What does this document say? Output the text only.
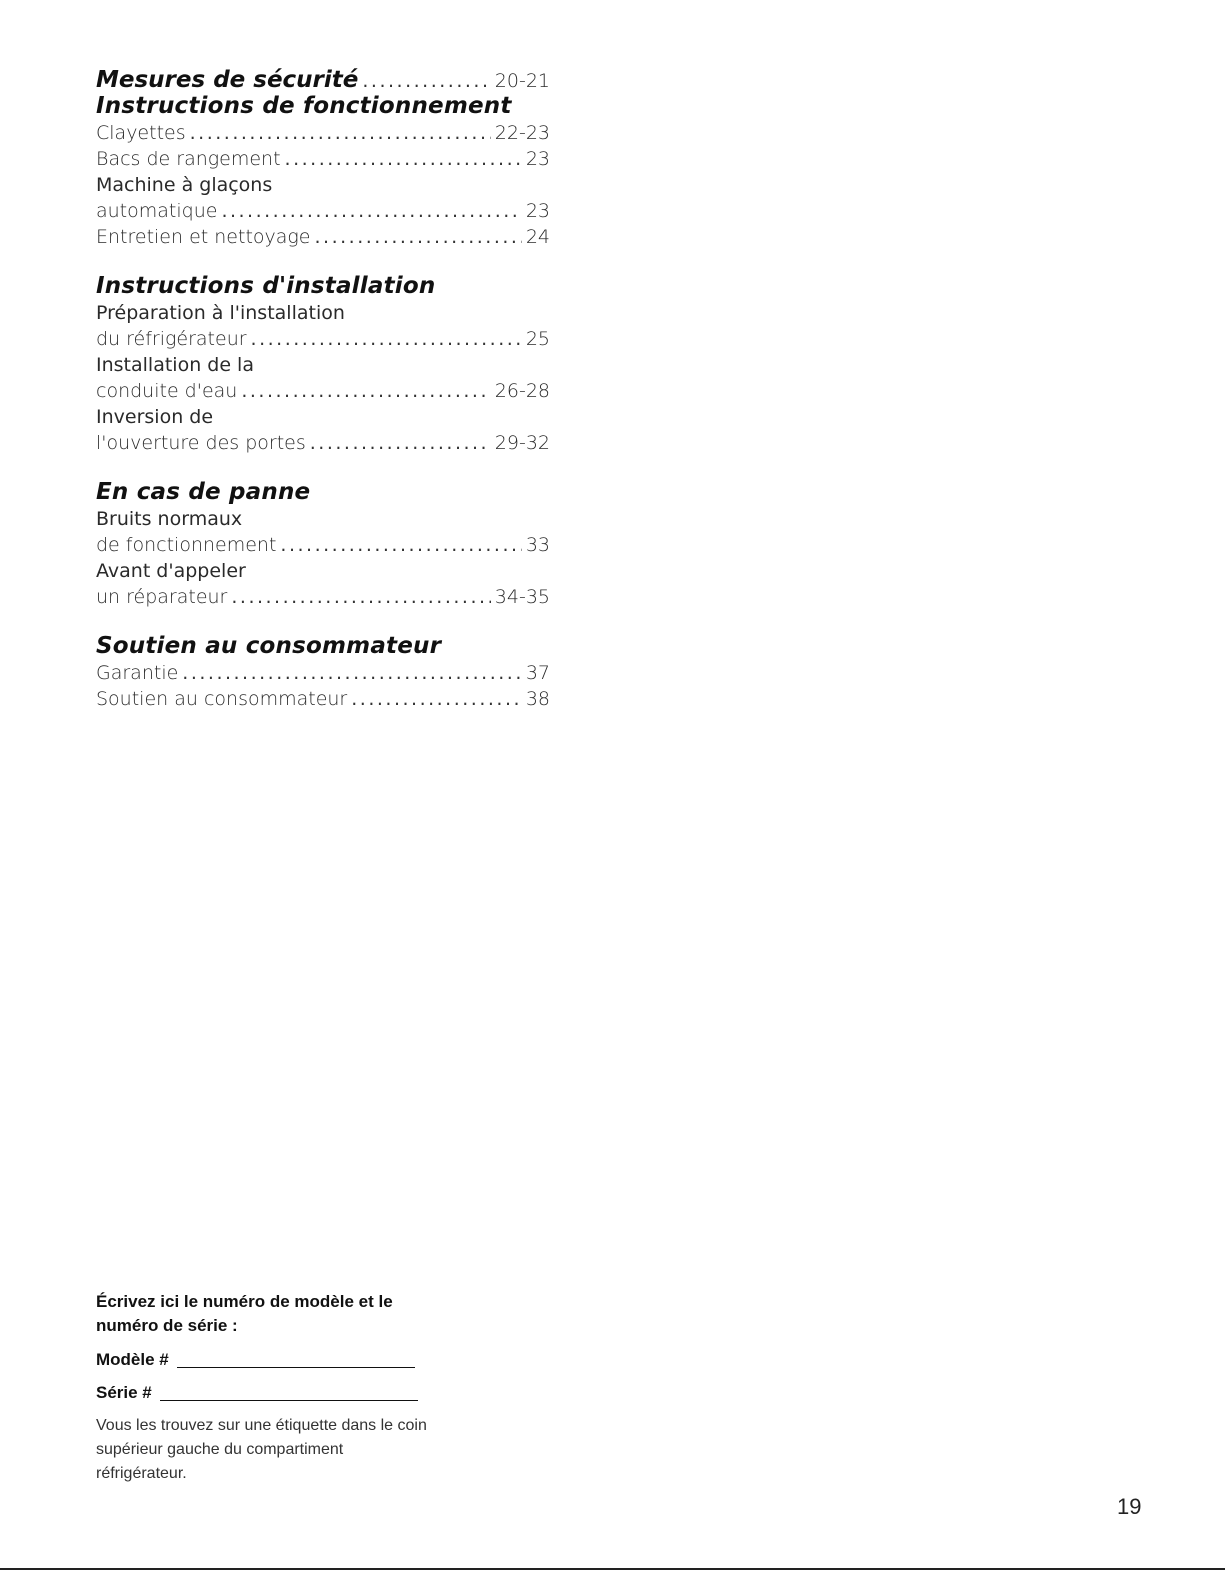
Mesures de sécurité .....	20-21
Instructions de fonctionnement
Clayettes .....	22-23
Bacs de rangement .....	23
Machine à glaçons
automatique .....	23
Entretien et nettoyage .....	24
Instructions d'installation
Préparation à l'installation
du réfrigérateur .....	25
Installation de la
conduite d'eau .....	26-28
Inversion de
l'ouverture des portes .....	29-32
En cas de panne
Bruits normaux
de fonctionnement .....	33
Avant d'appeler
un réparateur .....	34-35
Soutien au consommateur
Garantie .....	37
Soutien au consommateur .....	38
Écrivez ici le numéro de modèle et le numéro de série :
Modèle #
Série #
Vous les trouvez sur une étiquette dans le coin supérieur gauche du compartiment réfrigérateur.
19
